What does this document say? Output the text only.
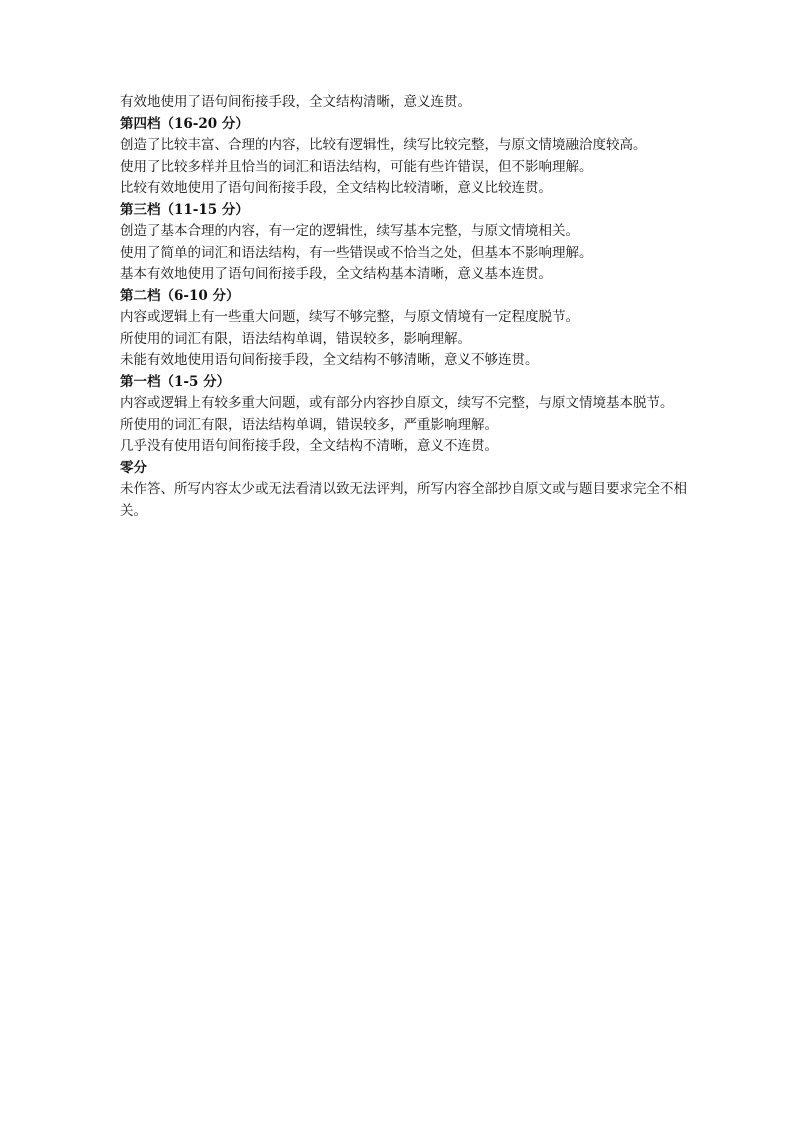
有效地使用了语句间衔接手段，全文结构清晰，意义连贯。
第四档（16-20 分）
创造了比较丰富、合理的内容，比较有逻辑性，续写比较完整，与原文情境融洽度较高。
使用了比较多样并且恰当的词汇和语法结构，可能有些许错误，但不影响理解。
比较有效地使用了语句间衔接手段，全文结构比较清晰，意义比较连贯。
第三档（11-15 分）
创造了基本合理的内容，有一定的逻辑性，续写基本完整，与原文情境相关。
使用了简单的词汇和语法结构，有一些错误或不恰当之处，但基本不影响理解。
基本有效地使用了语句间衔接手段，全文结构基本清晰，意义基本连贯。
第二档（6-10 分）
内容或逻辑上有一些重大问题，续写不够完整，与原文情境有一定程度脱节。
所使用的词汇有限，语法结构单调，错误较多，影响理解。
未能有效地使用语句间衔接手段，全文结构不够清晰，意义不够连贯。
第一档（1-5 分）
内容或逻辑上有较多重大问题，或有部分内容抄自原文，续写不完整，与原文情境基本脱节。
所使用的词汇有限，语法结构单调，错误较多，严重影响理解。
几乎没有使用语句间衔接手段，全文结构不清晰，意义不连贯。
零分
未作答、所写内容太少或无法看清以致无法评判，所写内容全部抄自原文或与题目要求完全不相关。
